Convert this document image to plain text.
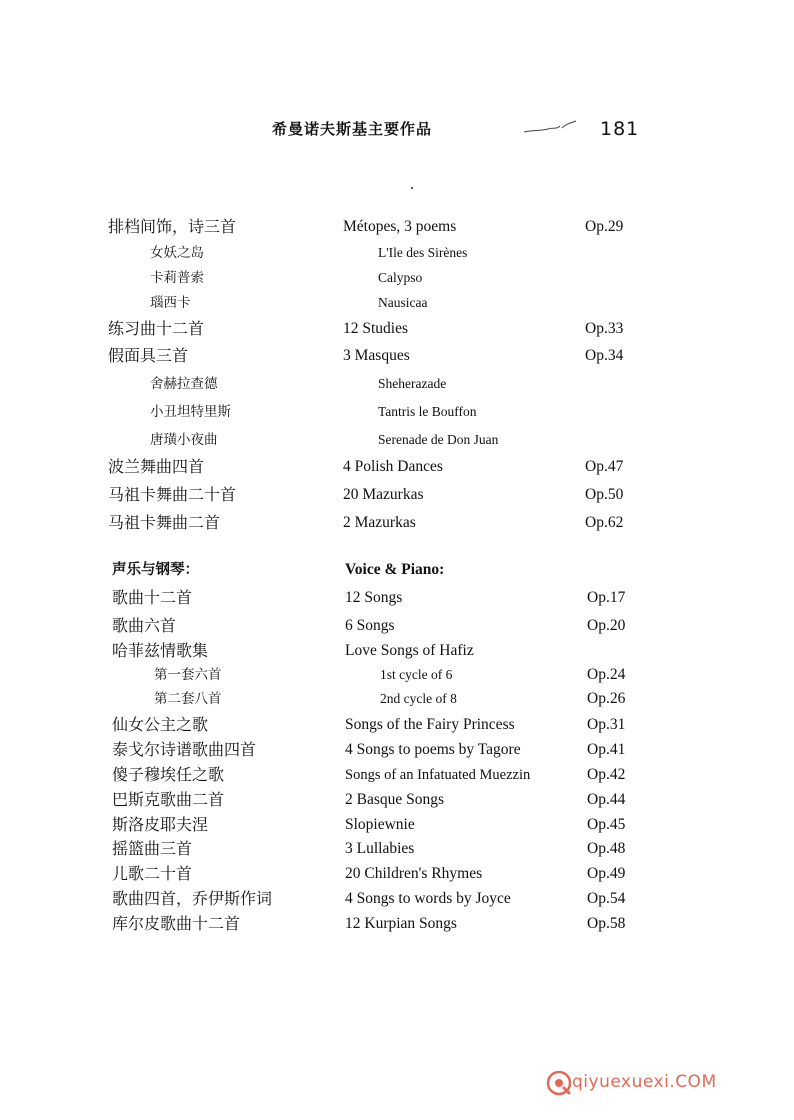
希曼诺夫斯基主要作品	181
排档间饰，诗三首	Métopes, 3 poems	Op.29
女妖之岛	L'Ile des Sirènes
卡莉普索	Calypso
瑙西卡	Nausicaa
练习曲十二首	12 Studies	Op.33
假面具三首	3 Masques	Op.34
舍赫拉查德	Sheherazade
小丑坦特里斯	Tantris le Bouffon
唐璜小夜曲	Serenade de Don Juan
波兰舞曲四首	4 Polish Dances	Op.47
马祖卡舞曲二十首	20 Mazurkas	Op.50
马祖卡舞曲二首	2 Mazurkas	Op.62
声乐与钢琴：	Voice & Piano:
歌曲十二首	12 Songs	Op.17
歌曲六首	6 Songs	Op.20
哈菲兹情歌集	Love Songs of Hafiz
第一套六首	1st cycle of 6	Op.24
第二套八首	2nd cycle of 8	Op.26
仙女公主之歌	Songs of the Fairy Princess	Op.31
泰戈尔诗谱歌曲四首	4 Songs to poems by Tagore	Op.41
傻子穆埃任之歌	Songs of an Infatuated Muezzin	Op.42
巴斯克歌曲二首	2 Basque Songs	Op.44
斯洛皮耶夫涅	Slopiewnie	Op.45
摇篮曲三首	3 Lullabies	Op.48
儿歌二十首	20 Children's Rhymes	Op.49
歌曲四首，乔伊斯作词	4 Songs to words by Joyce	Op.54
库尔皮歌曲十二首	12 Kurpian Songs	Op.58
qiyuexuexi.COM
